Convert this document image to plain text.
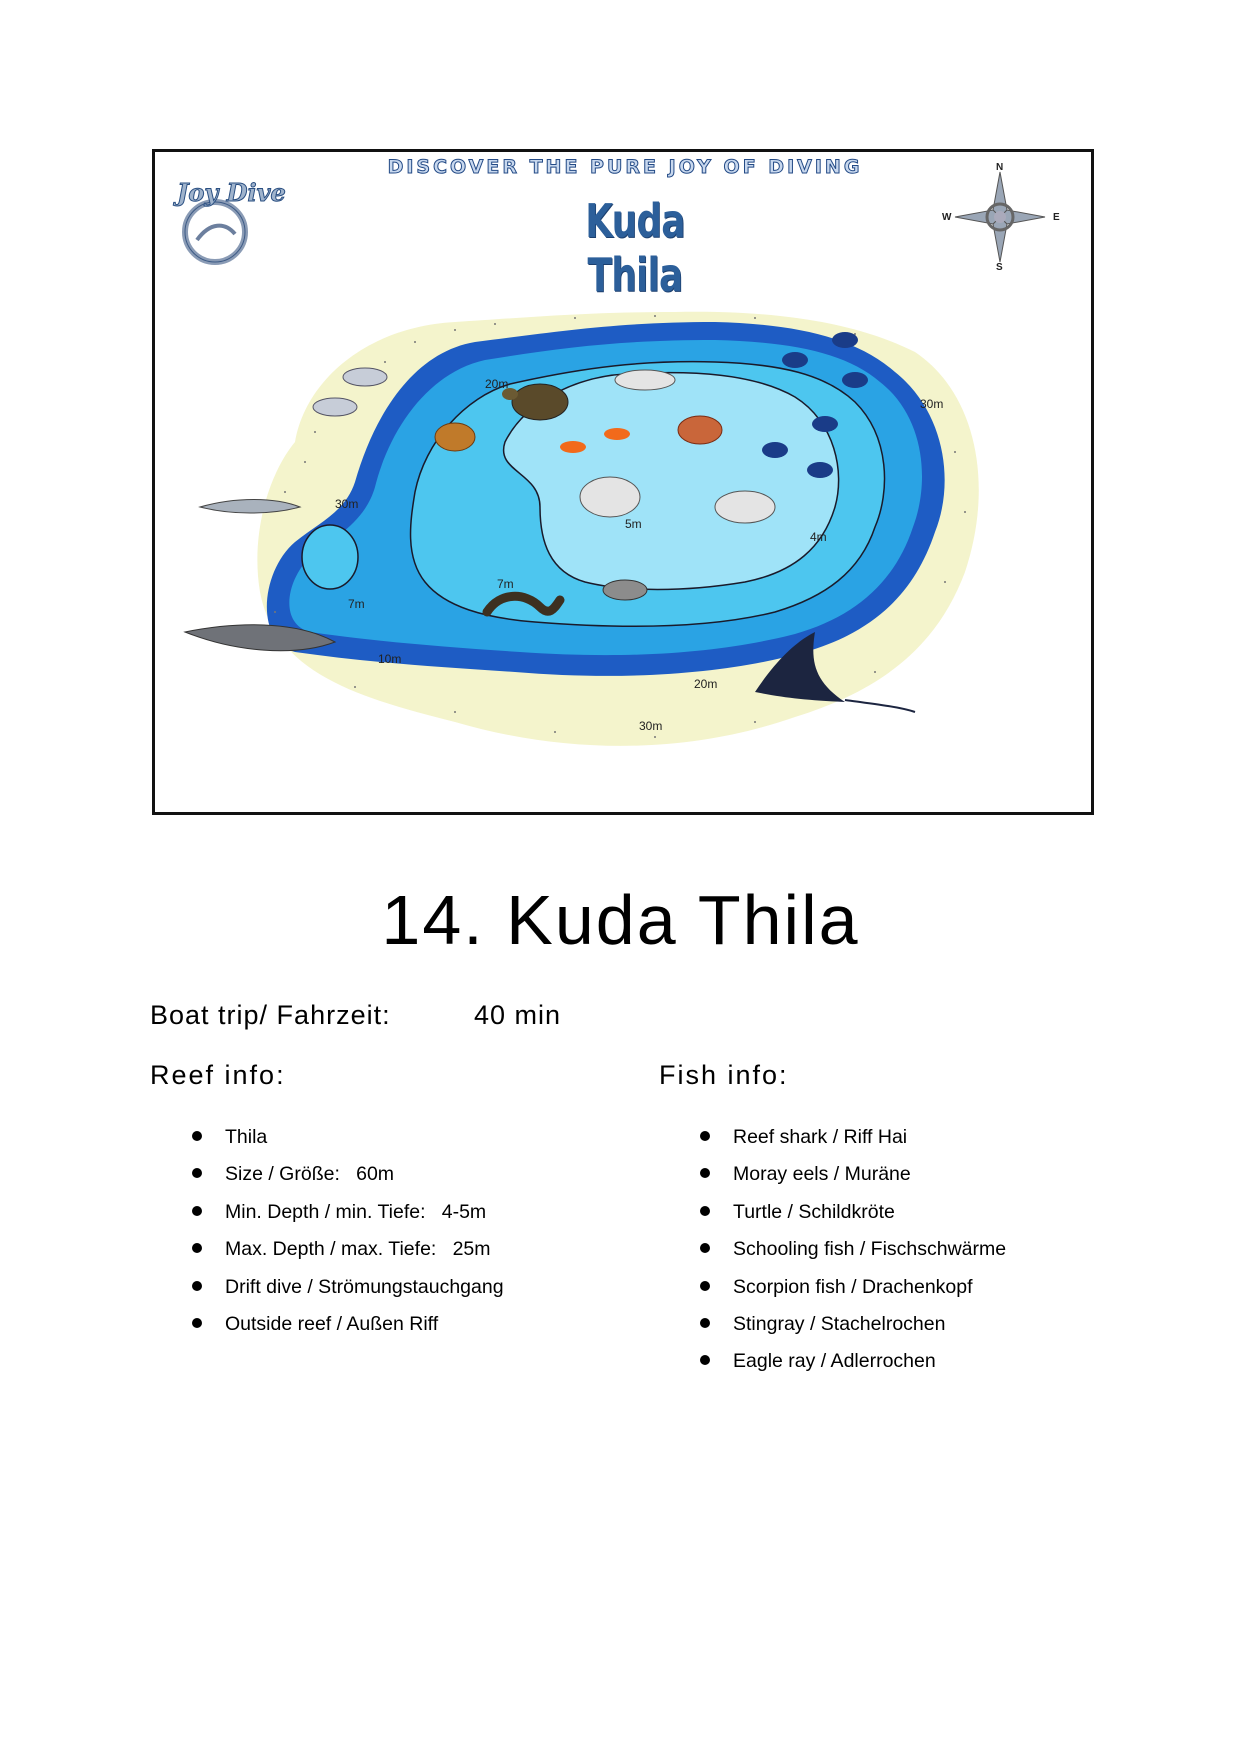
DISCOVER THE PURE JOY OF DIVING
Kuda Thila
Joy Dive
N
S
E
W
20m
30m
30m
5m
4m
7m
7m
10m
20m
30m
14. Kuda Thila
Boat trip/ Fahrzeit:	40 min
Reef info:	Fish info:
Thila
Size / Größe:   60m
Min. Depth / min. Tiefe:   4-5m
Max. Depth / max. Tiefe:   25m
Drift dive / Strömungstauchgang
Outside reef / Außen Riff
Reef shark / Riff Hai
Moray eels / Muräne
Turtle / Schildkröte
Schooling fish / Fischschwärme
Scorpion fish / Drachenkopf
Stingray / Stachelrochen
Eagle ray / Adlerrochen
